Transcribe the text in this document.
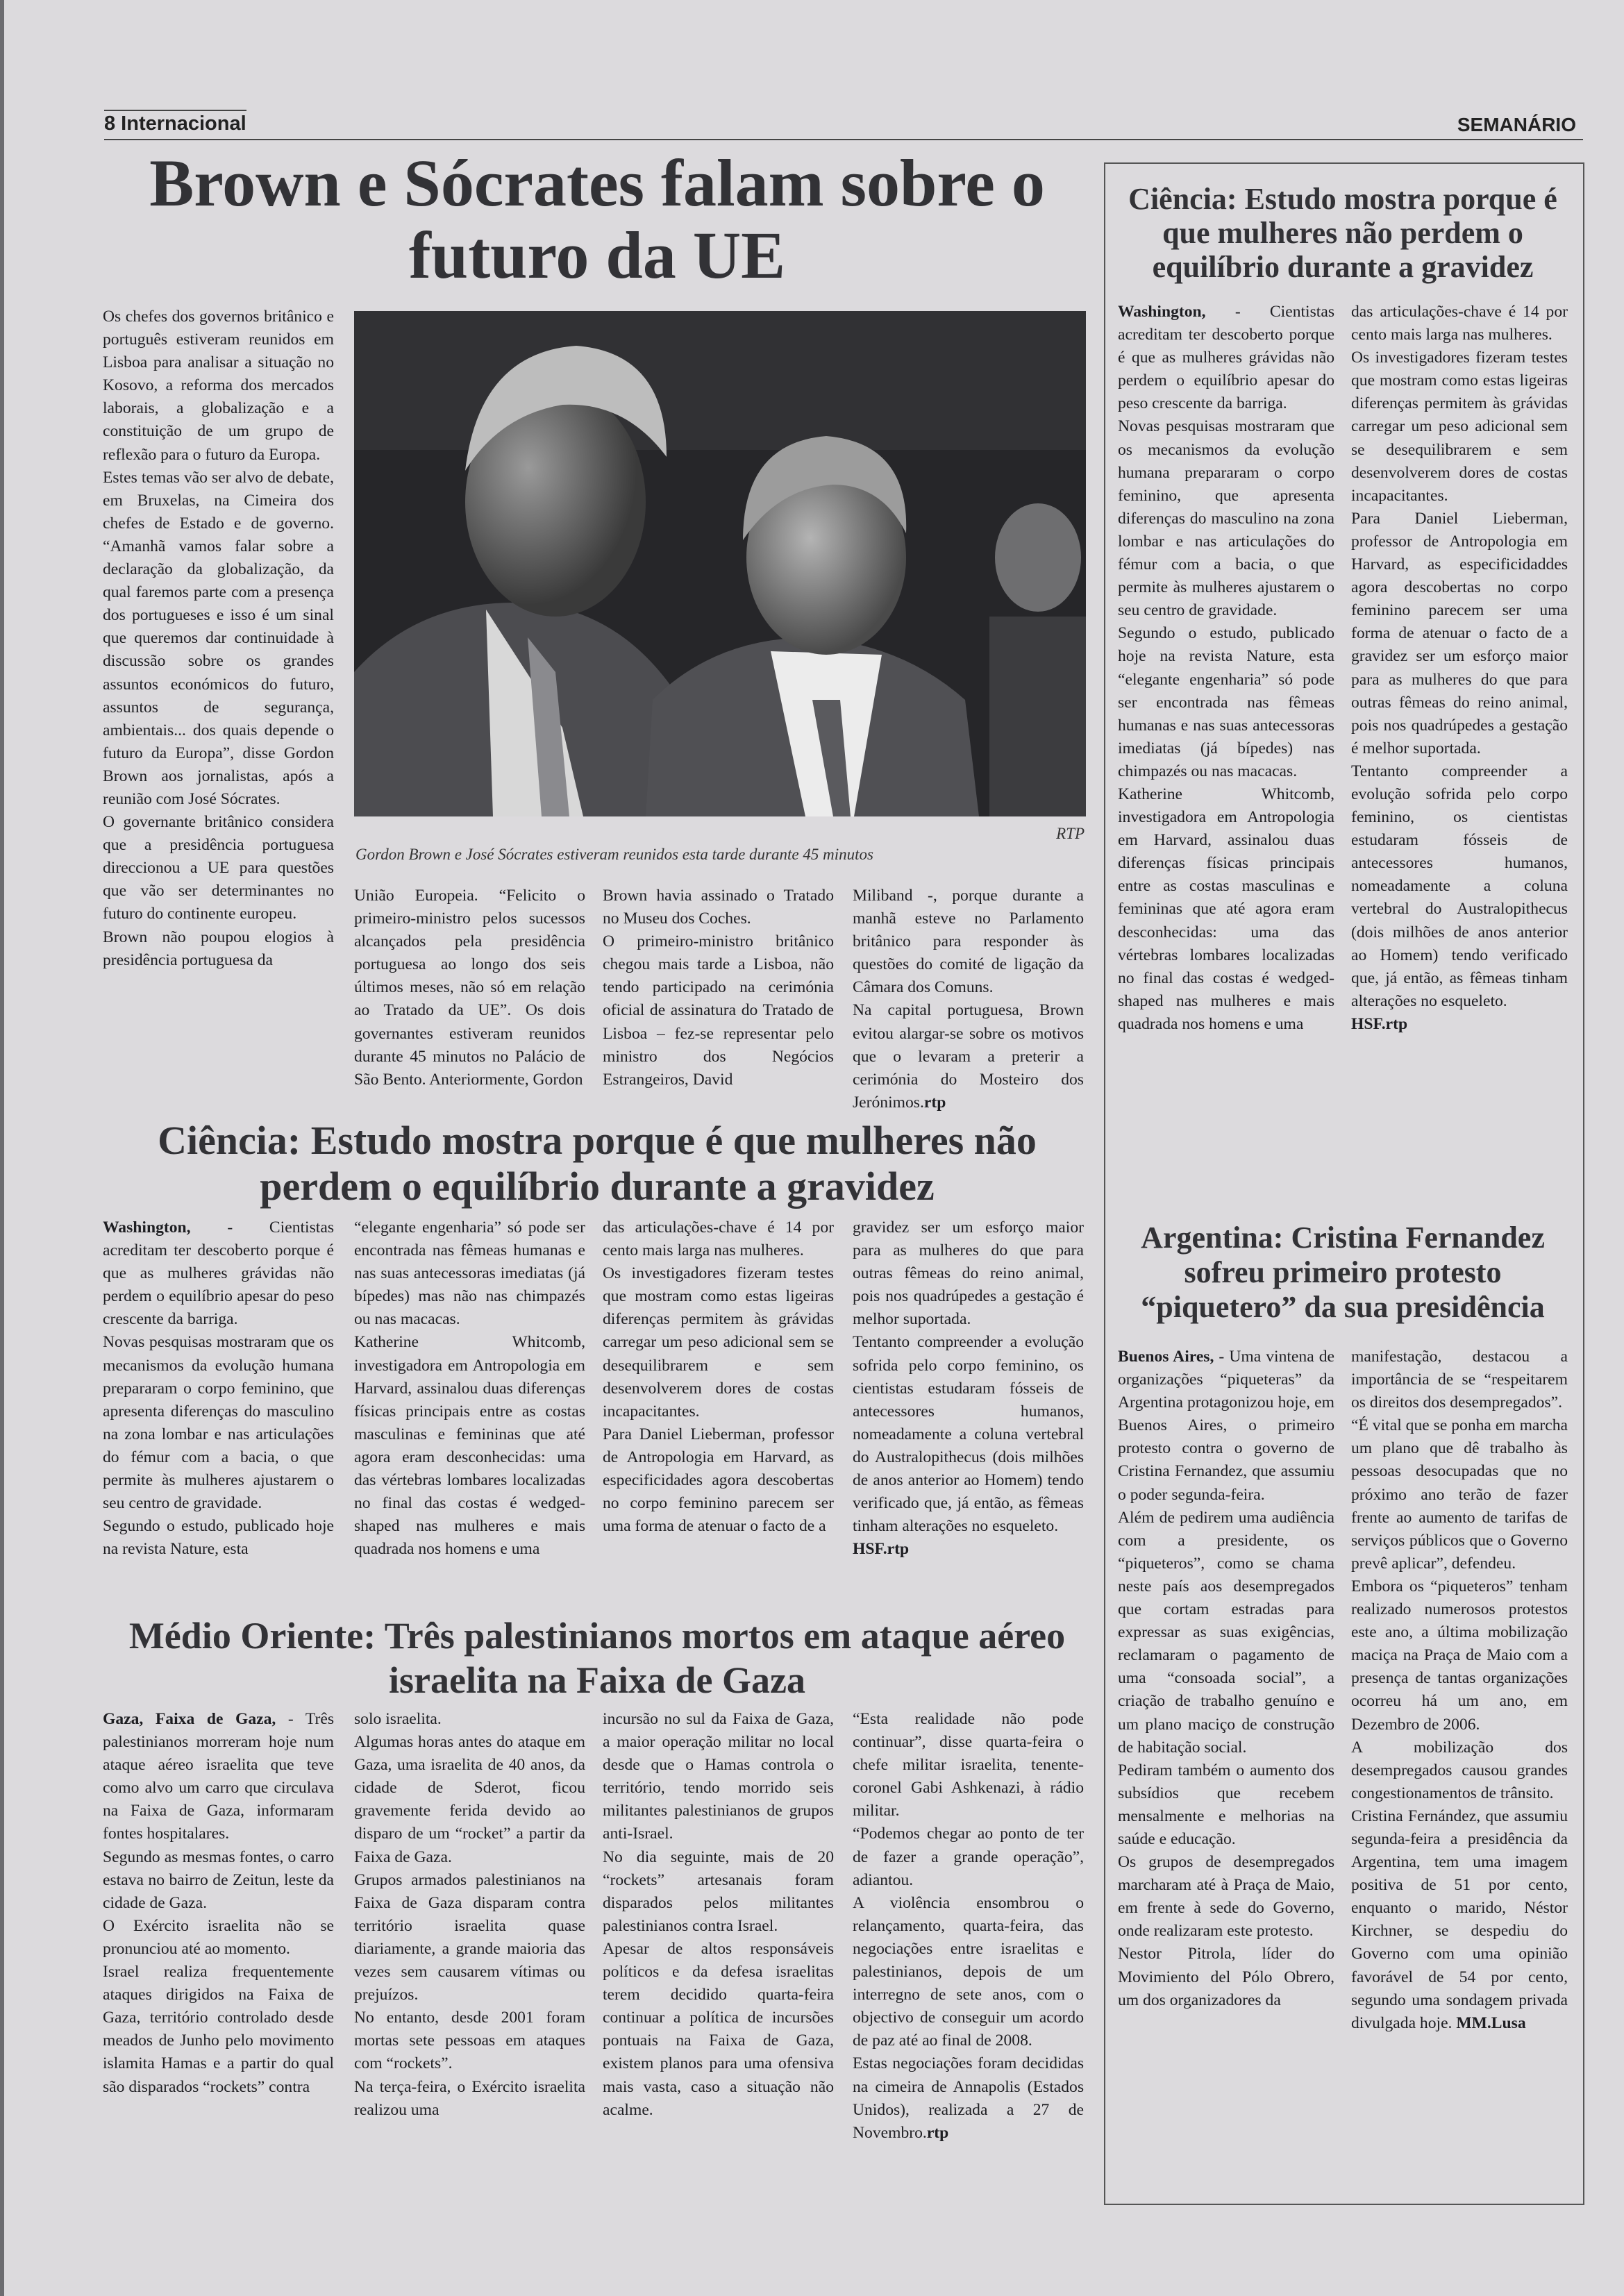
8 Internacional	SEMANÁRIO
Brown e Sócrates falam sobre o futuro da UE

Os chefes dos governos britânico e português estiveram reunidos em Lisboa para analisar a situação no Kosovo, a reforma dos mercados laborais, a globalização e a constituição de um grupo de reflexão para o futuro da Europa.

Estes temas vão ser alvo de debate, em Bruxelas, na Cimeira dos chefes de Estado e de governo. “Amanhã vamos falar sobre a declaração da globalização, da qual faremos parte com a presença dos portugueses e isso é um sinal que queremos dar continuidade à discussão sobre os grandes assuntos económicos do futuro, assuntos de segurança, ambientais... dos quais depende o futuro da Europa”, disse Gordon Brown aos jornalistas, após a reunião com José Sócrates.

O governante britânico considera que a presidência portuguesa direccionou a UE para questões que vão ser determinantes no futuro do continente europeu.

Brown não poupou elogios à presidência portuguesa da

RTP
Gordon Brown e José Sócrates estiveram reunidos esta tarde durante 45 minutos

União Europeia. “Felicito o primeiro-ministro pelos sucessos alcançados pela presidência portuguesa ao longo dos seis últimos meses, não só em relação ao Tratado da UE”. Os dois governantes estiveram reunidos durante 45 minutos no Palácio de São Bento. Anteriormente, Gordon

Brown havia assinado o Tratado no Museu dos Coches.

O primeiro-ministro britânico chegou mais tarde a Lisboa, não tendo participado na cerimónia oficial de assinatura do Tratado de Lisboa – fez-se representar pelo ministro dos Negócios Estrangeiros, David

Miliband -, porque durante a manhã esteve no Parlamento britânico para responder às questões do comité de ligação da Câmara dos Comuns.

Na capital portuguesa, Brown evitou alargar-se sobre os motivos que o levaram a preterir a cerimónia do Mosteiro dos Jerónimos.rtp

Ciência: Estudo mostra porque é que mulheres não perdem o equilíbrio durante a gravidez

Washington, - Cientistas acreditam ter descoberto porque é que as mulheres grávidas não perdem o equilíbrio apesar do peso crescente da barriga.

Novas pesquisas mostraram que os mecanismos da evolução humana prepararam o corpo feminino, que apresenta diferenças do masculino na zona lombar e nas articulações do fémur com a bacia, o que permite às mulheres ajustarem o seu centro de gravidade.

Segundo o estudo, publicado hoje na revista Nature, esta

“elegante engenharia” só pode ser encontrada nas fêmeas humanas e nas suas antecessoras imediatas (já bípedes) mas não nas chimpazés ou nas macacas.

Katherine Whitcomb, investigadora em Antropologia em Harvard, assinalou duas diferenças físicas principais entre as costas masculinas e femininas que até agora eram desconhecidas: uma das vértebras lombares localizadas no final das costas é wedged-shaped nas mulheres e mais quadrada nos homens e uma

das articulações-chave é 14 por cento mais larga nas mulheres.

Os investigadores fizeram testes que mostram como estas ligeiras diferenças permitem às grávidas carregar um peso adicional sem se desequilibrarem e sem desenvolverem dores de costas incapacitantes.

Para Daniel Lieberman, professor de Antropologia em Harvard, as especificidades agora descobertas no corpo feminino parecem ser uma forma de atenuar o facto de a

gravidez ser um esforço maior para as mulheres do que para outras fêmeas do reino animal, pois nos quadrúpedes a gestação é melhor suportada.

Tentanto compreender a evolução sofrida pelo corpo feminino, os cientistas estudaram fósseis de antecessores humanos, nomeadamente a coluna vertebral do Australopithecus (dois milhões de anos anterior ao Homem) tendo verificado que, já então, as fêmeas tinham alterações no esqueleto.

HSF.rtp

Médio Oriente: Três palestinianos mortos em ataque aéreo israelita na Faixa de Gaza

Gaza, Faixa de Gaza, - Três palestinianos morreram hoje num ataque aéreo israelita que teve como alvo um carro que circulava na Faixa de Gaza, informaram fontes hospitalares.

Segundo as mesmas fontes, o carro estava no bairro de Zeitun, leste da cidade de Gaza.

O Exército israelita não se pronunciou até ao momento.

Israel realiza frequentemente ataques dirigidos na Faixa de Gaza, território controlado desde meados de Junho pelo movimento islamita Hamas e a partir do qual são disparados “rockets” contra

solo israelita.

Algumas horas antes do ataque em Gaza, uma israelita de 40 anos, da cidade de Sderot, ficou gravemente ferida devido ao disparo de um “rocket” a partir da Faixa de Gaza.

Grupos armados palestinianos na Faixa de Gaza disparam contra território israelita quase diariamente, a grande maioria das vezes sem causarem vítimas ou prejuízos.

No entanto, desde 2001 foram mortas sete pessoas em ataques com “rockets”.

Na terça-feira, o Exército israelita realizou uma

incursão no sul da Faixa de Gaza, a maior operação militar no local desde que o Hamas controla o território, tendo morrido seis militantes palestinianos de grupos anti-Israel.

No dia seguinte, mais de 20 “rockets” artesanais foram disparados pelos militantes palestinianos contra Israel.

Apesar de altos responsáveis políticos e da defesa israelitas terem decidido quarta-feira continuar a política de incursões pontuais na Faixa de Gaza, existem planos para uma ofensiva mais vasta, caso a situação não acalme.

“Esta realidade não pode continuar”, disse quarta-feira o chefe militar israelita, tenente-coronel Gabi Ashkenazi, à rádio militar.

“Podemos chegar ao ponto de ter de fazer a grande operação”, adiantou.

A violência ensombrou o relançamento, quarta-feira, das negociações entre israelitas e palestinianos, depois de um interregno de sete anos, com o objectivo de conseguir um acordo de paz até ao final de 2008.

Estas negociações foram decididas na cimeira de Annapolis (Estados Unidos), realizada a 27 de Novembro.rtp

Ciência: Estudo mostra porque é que mulheres não perdem o equilíbrio durante a gravidez

Washington, - Cientistas acreditam ter descoberto porque é que as mulheres grávidas não perdem o equilíbrio apesar do peso crescente da barriga.

Novas pesquisas mostraram que os mecanismos da evolução humana prepararam o corpo feminino, que apresenta diferenças do masculino na zona lombar e nas articulações do fémur com a bacia, o que permite às mulheres ajustarem o seu centro de gravidade.

Segundo o estudo, publicado hoje na revista Nature, esta “elegante engenharia” só pode ser encontrada nas fêmeas humanas e nas suas antecessoras imediatas (já bípedes) nas chimpazés ou nas macacas.

Katherine Whitcomb, investigadora em Antropologia em Harvard, assinalou duas diferenças físicas principais entre as costas masculinas e femininas que até agora eram desconhecidas: uma das vértebras lombares localizadas no final das costas é wedged-shaped nas mulheres e mais quadrada nos homens e uma

das articulações-chave é 14 por cento mais larga nas mulheres.

Os investigadores fizeram testes que mostram como estas ligeiras diferenças permitem às grávidas carregar um peso adicional sem se desequilibrarem e sem desenvolverem dores de costas incapacitantes.

Para Daniel Lieberman, professor de Antropologia em Harvard, as especificidaddes agora descobertas no corpo feminino parecem ser uma forma de atenuar o facto de a gravidez ser um esforço maior para as mulheres do que para outras fêmeas do reino animal, pois nos quadrúpedes a gestação é melhor suportada.

Tentanto compreender a evolução sofrida pelo corpo feminino, os cientistas estudaram fósseis de antecessores humanos, nomeadamente a coluna vertebral do Australopithecus (dois milhões de anos anterior ao Homem) tendo verificado que, já então, as fêmeas tinham alterações no esqueleto.

HSF.rtp

Argentina: Cristina Fernandez sofreu primeiro protesto “piquetero” da sua presidência

Buenos Aires, - Uma vintena de organizações “piqueteras” da Argentina protagonizou hoje, em Buenos Aires, o primeiro protesto contra o governo de Cristina Fernandez, que assumiu o poder segunda-feira.

Além de pedirem uma audiência com a presidente, os “piqueteros”, como se chama neste país aos desempregados que cortam estradas para expressar as suas exigências, reclamaram o pagamento de uma “consoada social”, a criação de trabalho genuíno e um plano maciço de construção de habitação social.

Pediram também o aumento dos subsídios que recebem mensalmente e melhorias na saúde e educação.

Os grupos de desempregados marcharam até à Praça de Maio, em frente à sede do Governo, onde realizaram este protesto.

Nestor Pitrola, líder do Movimiento del Pólo Obrero, um dos organizadores da

manifestação, destacou a importância de se “respeitarem os direitos dos desempregados”.

“É vital que se ponha em marcha um plano que dê trabalho às pessoas desocupadas que no próximo ano terão de fazer frente ao aumento de tarifas de serviços públicos que o Governo prevê aplicar”, defendeu.

Embora os “piqueteros” tenham realizado numerosos protestos este ano, a última mobilização maciça na Praça de Maio com a presença de tantas organizações ocorreu há um ano, em Dezembro de 2006.

A mobilização dos desempregados causou grandes congestionamentos de trânsito.

Cristina Fernández, que assumiu segunda-feira a presidência da Argentina, tem uma imagem positiva de 51 por cento, enquanto o marido, Néstor Kirchner, se despediu do Governo com uma opinião favorável de 54 por cento, segundo uma sondagem privada divulgada hoje. MM.Lusa
